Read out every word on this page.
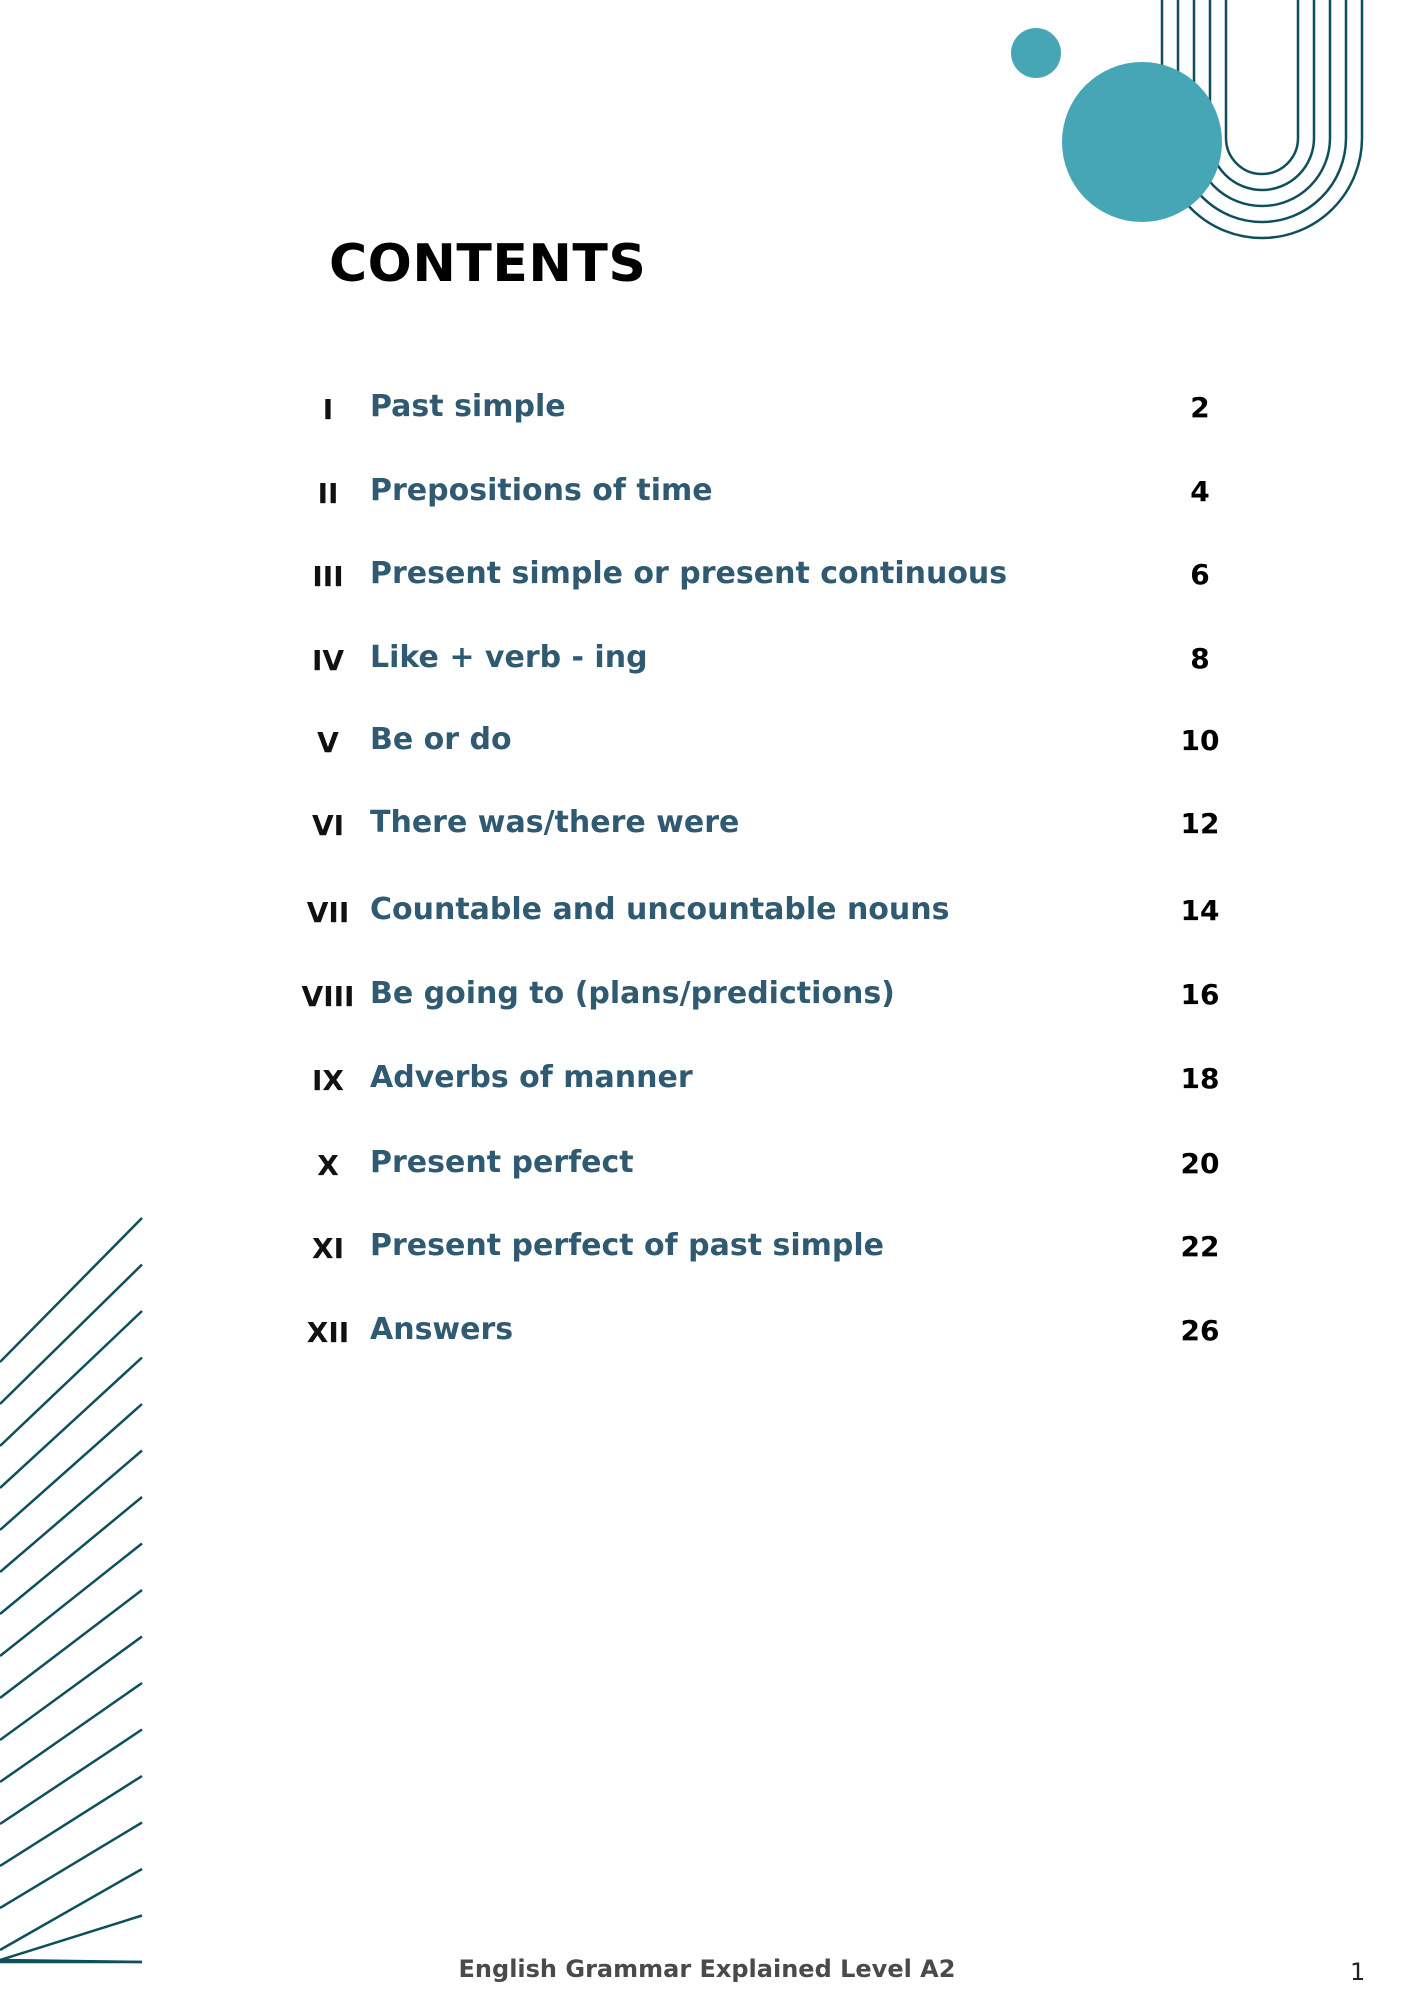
CONTENTS
I	Past simple	2
II	Prepositions of time	4
III Present simple or present continuous	6
IV Like + verb - ing	8
V	Be or do	10
VI There was/there were	12
VII Countable and uncountable nouns	14
VIII Be going to (plans/predictions)	16
IX Adverbs of manner	18
X	Present perfect	20
XI Present perfect of past simple	22
XII Answers	26
English Grammar Explained Level A2	1
